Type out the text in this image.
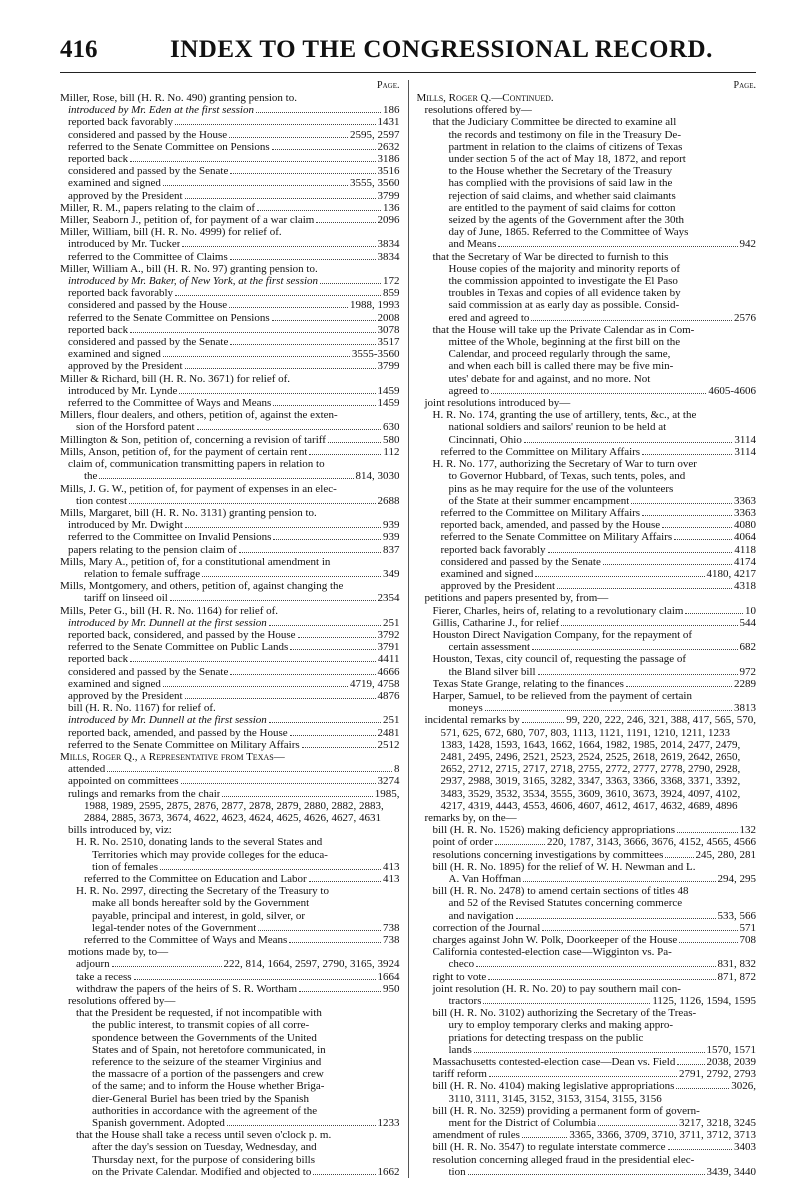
416	INDEX TO THE CONGRESSIONAL RECORD.
Page.
Miller, Rose, bill (H. R. No. 490) granting pension to.
introduced by Mr. Eden at the first session	186
reported back favorably	1431
considered and passed by the House	2595, 2597
referred to the Senate Committee on Pensions	2632
reported back	3186
considered and passed by the Senate	3516
examined and signed	3555, 3560
approved by the President	3799
Miller, R. M., papers relating to the claim of	136
Miller, Seaborn J., petition of, for payment of a war claim	2096
Miller, William, bill (H. R. No. 4999) for relief of.
introduced by Mr. Tucker	3834
referred to the Committee of Claims	3834
Miller, William A., bill (H. R. No. 97) granting pension to.
introduced by Mr. Baker, of New York, at the first session	172
reported back favorably	859
considered and passed by the House	1988, 1993
referred to the Senate Committee on Pensions	2008
reported back	3078
considered and passed by the Senate	3517
examined and signed	3555-3560
approved by the President	3799
Miller & Richard, bill (H. R. No. 3671) for relief of.
introduced by Mr. Lynde	1459
referred to the Committee of Ways and Means	1459
Millers, flour dealers, and others, petition of, against the exten-
sion of the Horsford patent	630
Millington & Son, petition of, concerning a revision of tariff	580
Mills, Anson, petition of, for the payment of certain rent	112
claim of, communication transmitting papers in relation to
the	814, 3030
Mills, J. G. W., petition of, for payment of expenses in an elec-
tion contest	2688
Mills, Margaret, bill (H. R. No. 3131) granting pension to.
introduced by Mr. Dwight	939
referred to the Committee on Invalid Pensions	939
papers relating to the pension claim of	837
Mills, Mary A., petition of, for a constitutional amendment in
relation to female suffrage	349
Mills, Montgomery, and others, petition of, against changing the
tariff on linseed oil	2354
Mills, Peter G., bill (H. R. No. 1164) for relief of.
introduced by Mr. Dunnell at the first session	251
reported back, considered, and passed by the House	3792
referred to the Senate Committee on Public Lands	3791
reported back	4411
considered and passed by the Senate	4666
examined and signed	4719, 4758
approved by the President	4876
bill (H. R. No. 1167) for relief of.
introduced by Mr. Dunnell at the first session	251
reported back, amended, and passed by the House	2481
referred to the Senate Committee on Military Affairs	2512
Mills, Roger Q., a Representative from Texas—
attended	8
appointed on committees	3274
rulings and remarks from the chair	1985,
1988, 1989, 2595, 2875, 2876, 2877, 2878, 2879, 2880, 2882, 2883,
2884, 2885, 3673, 3674, 4622, 4623, 4624, 4625, 4626, 4627, 4631
bills introduced by, viz:
H. R. No. 2510, donating lands to the several States and
Territories which may provide colleges for the educa-
tion of females	413
referred to the Committee on Education and Labor	413
H. R. No. 2997, directing the Secretary of the Treasury to
make all bonds hereafter sold by the Government
payable, principal and interest, in gold, silver, or
legal-tender notes of the Government	738
referred to the Committee of Ways and Means	738
motions made by, to—
adjourn	222, 814, 1664, 2597, 2790, 3165, 3924
take a recess	1664
withdraw the papers of the heirs of S. R. Wortham	950
resolutions offered by—
that the President be requested, if not incompatible with
the public interest, to transmit copies of all corre-
spondence between the Governments of the United
States and of Spain, not heretofore communicated, in
reference to the seizure of the steamer Virginius and
the massacre of a portion of the passengers and crew
of the same; and to inform the House whether Briga-
dier-General Buriel has been tried by the Spanish
authorities in accordance with the agreement of the
Spanish government. Adopted	1233
that the House shall take a recess until seven o'clock p. m.
after the day's session on Tuesday, Wednesday, and
Thursday next, for the purpose of considering bills
on the Private Calendar. Modified and objected to	1662
Page.
Mills, Roger Q.—Continued.
resolutions offered by—
that the Judiciary Committee be directed to examine all
the records and testimony on file in the Treasury De-
partment in relation to the claims of citizens of Texas
under section 5 of the act of May 18, 1872, and report
to the House whether the Secretary of the Treasury
has complied with the provisions of said law in the
rejection of said claims, and whether said claimants
are entitled to the payment of said claims for cotton
seized by the agents of the Government after the 30th
day of June, 1865. Referred to the Committee of Ways
and Means	942
that the Secretary of War be directed to furnish to this
House copies of the majority and minority reports of
the commission appointed to investigate the El Paso
troubles in Texas and copies of all evidence taken by
said commission at as early day as possible. Consid-
ered and agreed to	2576
that the House will take up the Private Calendar as in Com-
mittee of the Whole, beginning at the first bill on the
Calendar, and proceed regularly through the same,
and when each bill is called there may be five min-
utes' debate for and against, and no more. Not
agreed to	4605-4606
joint resolutions introduced by—
H. R. No. 174, granting the use of artillery, tents, &c., at the
national soldiers and sailors' reunion to be held at
Cincinnati, Ohio	3114
referred to the Committee on Military Affairs	3114
H. R. No. 177, authorizing the Secretary of War to turn over
to Governor Hubbard, of Texas, such tents, poles, and
pins as he may require for the use of the volunteers
of the State at their summer encampment	3363
referred to the Committee on Military Affairs	3363
reported back, amended, and passed by the House	4080
referred to the Senate Committee on Military Affairs	4064
reported back favorably	4118
considered and passed by the Senate	4174
examined and signed	4180, 4217
approved by the President	4318
petitions and papers presented by, from—
Fierer, Charles, heirs of, relating to a revolutionary claim	10
Gillis, Catharine J., for relief	544
Houston Direct Navigation Company, for the repayment of
certain assessment	682
Houston, Texas, city council of, requesting the passage of
the Bland silver bill	972
Texas State Grange, relating to the finances	2289
Harper, Samuel, to be relieved from the payment of certain
moneys	3813
incidental remarks by	99, 220, 222, 246, 321, 388, 417, 565, 570,
571, 625, 672, 680, 707, 803, 1113, 1121, 1191, 1210, 1211, 1233
1383, 1428, 1593, 1643, 1662, 1664, 1982, 1985, 2014, 2477, 2479,
2481, 2495, 2496, 2521, 2523, 2524, 2525, 2618, 2619, 2642, 2650,
2652, 2712, 2715, 2717, 2718, 2755, 2772, 2777, 2778, 2790, 2928,
2937, 2988, 3019, 3165, 3282, 3347, 3363, 3366, 3368, 3371, 3392,
3483, 3529, 3532, 3534, 3555, 3609, 3610, 3673, 3924, 4097, 4102,
4217, 4319, 4443, 4553, 4606, 4607, 4612, 4617, 4632, 4689, 4896
remarks by, on the—
bill (H. R. No. 1526) making deficiency appropriations	132
point of order	220, 1787, 3143, 3666, 3676, 4152, 4565, 4566
resolutions concerning investigations by committees	245, 280, 281
bill (H. R. No. 1895) for the relief of W. H. Newman and L.
A. Van Hoffman	294, 295
bill (H. R. No. 2478) to amend certain sections of titles 48
and 52 of the Revised Statutes concerning commerce
and navigation	533, 566
correction of the Journal	571
charges against John W. Polk, Doorkeeper of the House	708
California contested-election case—Wigginton vs. Pa-
checo	831, 832
right to vote	871, 872
joint resolution (H. R. No. 20) to pay southern mail con-
tractors	1125, 1126, 1594, 1595
bill (H. R. No. 3102) authorizing the Secretary of the Treas-
ury to employ temporary clerks and making appro-
priations for detecting trespass on the public
lands	1570, 1571
Massachusetts contested-election case—Dean vs. Field	2038, 2039
tariff reform	2791, 2792, 2793
bill (H. R. No. 4104) making legislative appropriations	3026,
3110, 3111, 3145, 3152, 3153, 3154, 3155, 3156
bill (H. R. No. 3259) providing a permanent form of govern-
ment for the District of Columbia	3217, 3218, 3245
amendment of rules	3365, 3366, 3709, 3710, 3711, 3712, 3713
bill (H. R. No. 3547) to regulate interstate commerce	3403
resolution concerning alleged fraud in the presidential elec-
tion	3439, 3440
